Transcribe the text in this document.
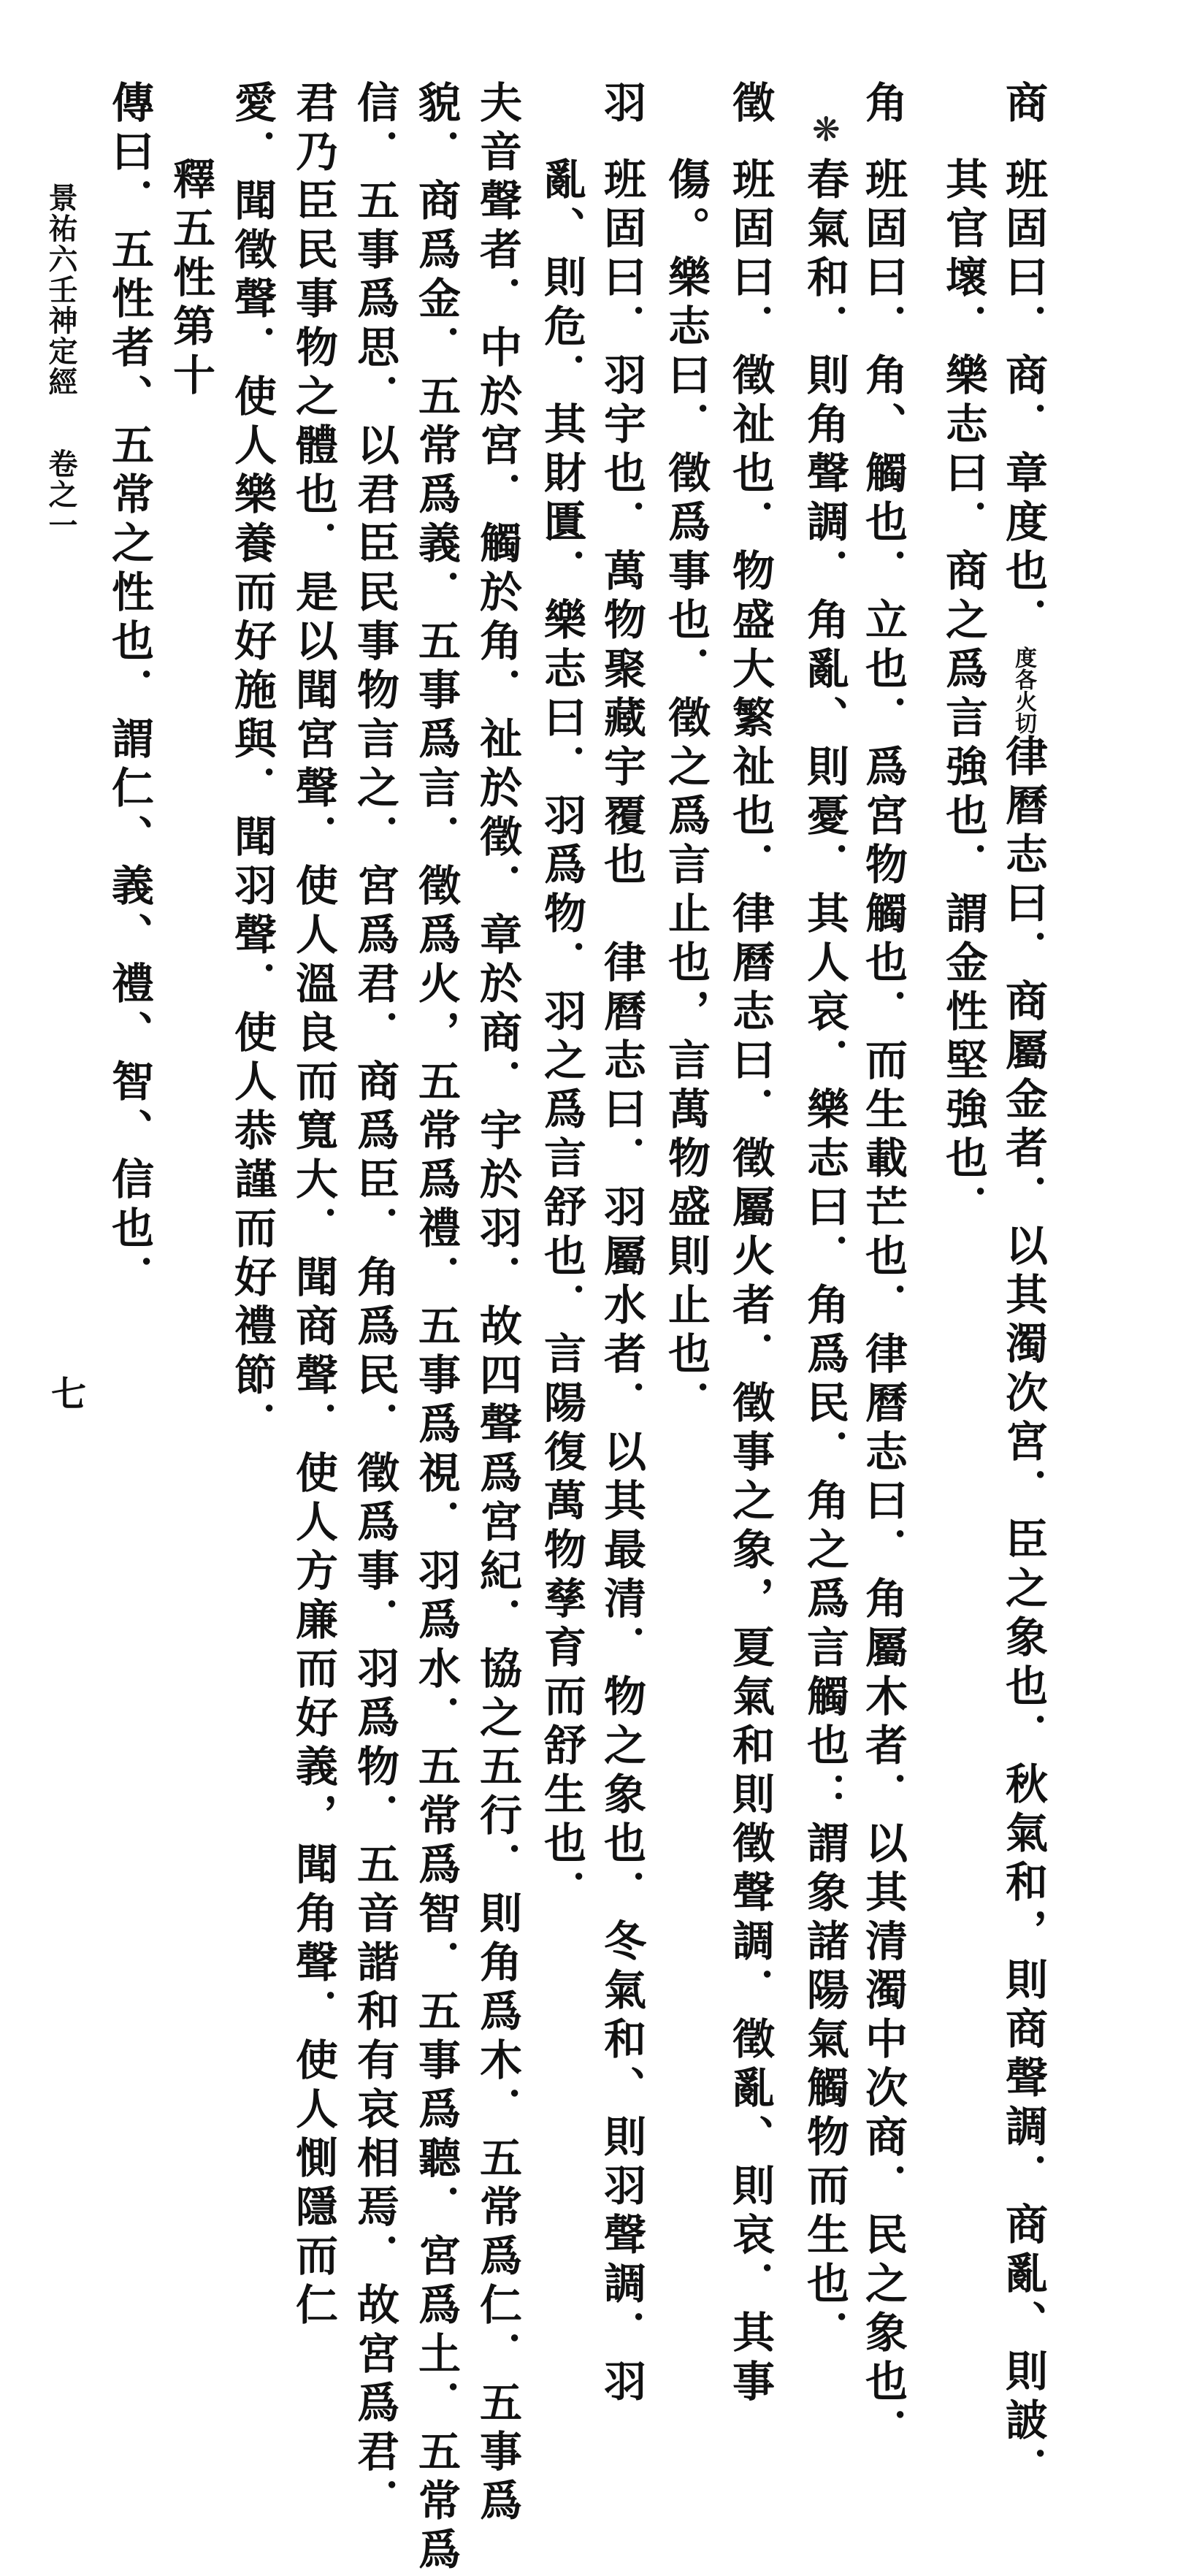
商
班固曰．商．章度也．度各火切律曆志曰．商屬金者．以其濁次宮．臣之象也．秋氣和，則商聲調．商亂、則詖．
其官壞．樂志曰．商之爲言強也．謂金性堅強也．
角
❋
班固曰．角、觸也．立也．爲宮物觸也．而生載芒也．律曆志曰．角屬木者．以其清濁中次商．民之象也．
春氣和．則角聲調．角亂、則憂．其人哀．樂志曰．角爲民．角之爲言觸也：謂象諸陽氣觸物而生也．
徵
班固曰．徵祉也．物盛大繁祉也．律曆志曰．徵屬火者．徵事之象，夏氣和則徵聲調．徵亂、則哀．其事
傷。樂志曰．徵爲事也．徵之爲言止也，言萬物盛則止也．
羽
班固曰．羽宇也．萬物聚藏宇覆也　律曆志曰．羽屬水者．以其最清．物之象也．冬氣和、則羽聲調．羽
亂、則危．其財匱．樂志曰．羽爲物．羽之爲言舒也．言陽復萬物孳育而舒生也．
夫音聲者．中於宮．觸於角．祉於徵．章於商．宇於羽．故四聲爲宮紀．協之五行．則角爲木．五常爲仁．五事爲
貌．商爲金．五常爲義．五事爲言．徵爲火，五常爲禮．五事爲視．羽爲水．五常爲智．五事爲聽．宮爲土．五常爲
信．五事爲思．以君臣民事物言之．宮爲君．商爲臣．角爲民．徵爲事．羽爲物．五音諧和有哀相焉．故宮爲君．
君乃臣民事物之體也．是以聞宮聲．使人溫良而寬大．聞商聲．使人方廉而好義，聞角聲．使人惻隱而仁
愛．聞徵聲．使人樂養而好施與．聞羽聲．使人恭謹而好禮節．
釋五性第十
傳曰．五性者、五常之性也．謂仁、義、禮、智、信也．
景祐六壬神定經卷之一
七
